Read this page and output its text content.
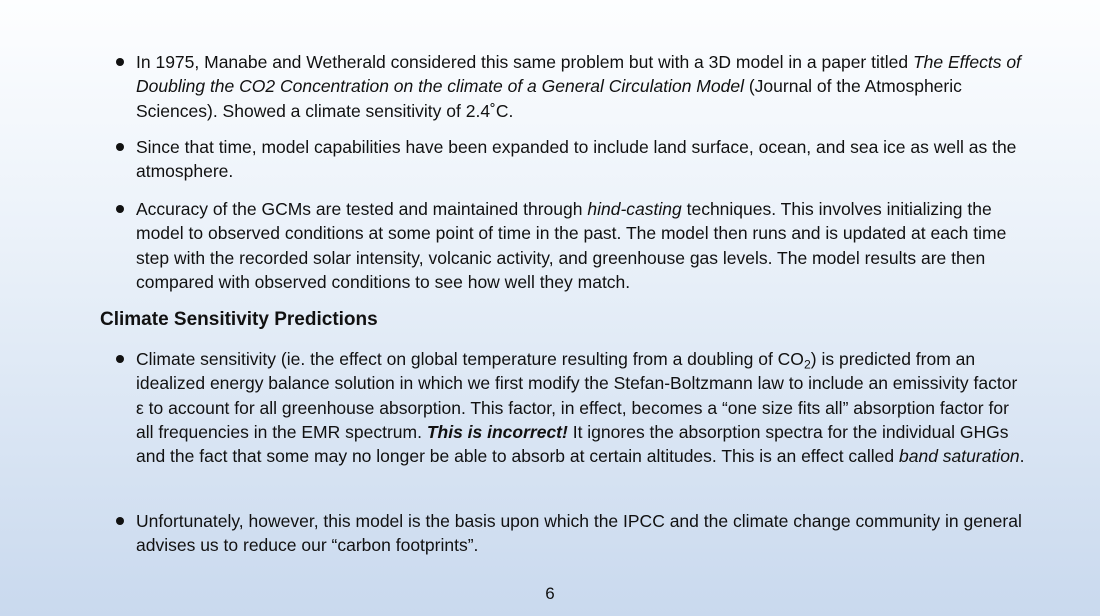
In 1975, Manabe and Wetherald considered this same problem but with a 3D model in a paper titled The Effects of Doubling the CO2 Concentration on the climate of a General Circulation Model (Journal of the Atmospheric Sciences). Showed a climate sensitivity of 2.4˚C.
Since that time, model capabilities have been expanded to include land surface, ocean, and sea ice as well as the atmosphere.
Accuracy of the GCMs are tested and maintained through hind-casting techniques. This involves initializing the model to observed conditions at some point of time in the past. The model then runs and is updated at each time step with the recorded solar intensity, volcanic activity, and greenhouse gas levels. The model results are then compared with observed conditions to see how well they match.
Climate Sensitivity Predictions
Climate sensitivity (ie. the effect on global temperature resulting from a doubling of $CO_2$) is predicted from an idealized energy balance solution in which we first modify the Stefan-Boltzmann law to include an emissivity factor ε to account for all greenhouse absorption. This factor, in effect, becomes a “one size fits all” absorption factor for all frequencies in the EMR spectrum. This is incorrect! It ignores the absorption spectra for the individual GHGs and the fact that some may no longer be able to absorb at certain altitudes. This is an effect called band saturation.
Unfortunately, however, this model is the basis upon which the IPCC and the climate change community in general advises us to reduce our “carbon footprints”.
6
